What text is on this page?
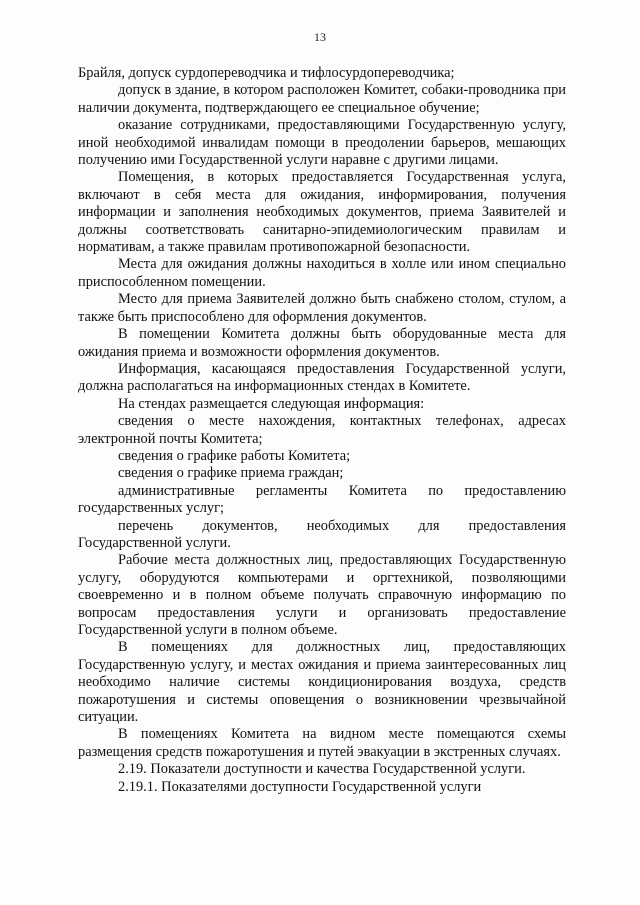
13

Брайля, допуск сурдопереводчика и тифлосурдопереводчика;

допуск в здание, в котором расположен Комитет, собаки-проводника при наличии документа, подтверждающего ее специальное обучение;

оказание сотрудниками, предоставляющими Государственную услугу, иной необходимой инвалидам помощи в преодолении барьеров, мешающих получению ими Государственной услуги наравне с другими лицами.

Помещения, в которых предоставляется Государственная услуга, включают в себя места для ожидания, информирования, получения информации и заполнения необходимых документов, приема Заявителей и должны соответствовать санитарно-эпидемиологическим правилам и нормативам, а также правилам противопожарной безопасности.

Места для ожидания должны находиться в холле или ином специально приспособленном помещении.

Место для приема Заявителей должно быть снабжено столом, стулом, а также быть приспособлено для оформления документов.

В помещении Комитета должны быть оборудованные места для ожидания приема и возможности оформления документов.

Информация, касающаяся предоставления Государственной услуги, должна располагаться на информационных стендах в Комитете.

На стендах размещается следующая информация:

сведения о месте нахождения, контактных телефонах, адресах электронной почты Комитета;

сведения о графике работы Комитета;

сведения о графике приема граждан;

административные регламенты Комитета по предоставлению государственных услуг;

перечень документов, необходимых для предоставления Государственной услуги.

Рабочие места должностных лиц, предоставляющих Государственную услугу, оборудуются компьютерами и оргтехникой, позволяющими своевременно и в полном объеме получать справочную информацию по вопросам предоставления услуги и организовать предоставление Государственной услуги в полном объеме.

В помещениях для должностных лиц, предоставляющих Государственную услугу, и местах ожидания и приема заинтересованных лиц необходимо наличие системы кондиционирования воздуха, средств пожаротушения и системы оповещения о возникновении чрезвычайной ситуации.

В помещениях Комитета на видном месте помещаются схемы размещения средств пожаротушения и путей эвакуации в экстренных случаях.

2.19. Показатели доступности и качества Государственной услуги.

2.19.1. Показателями доступности Государственной услуги
